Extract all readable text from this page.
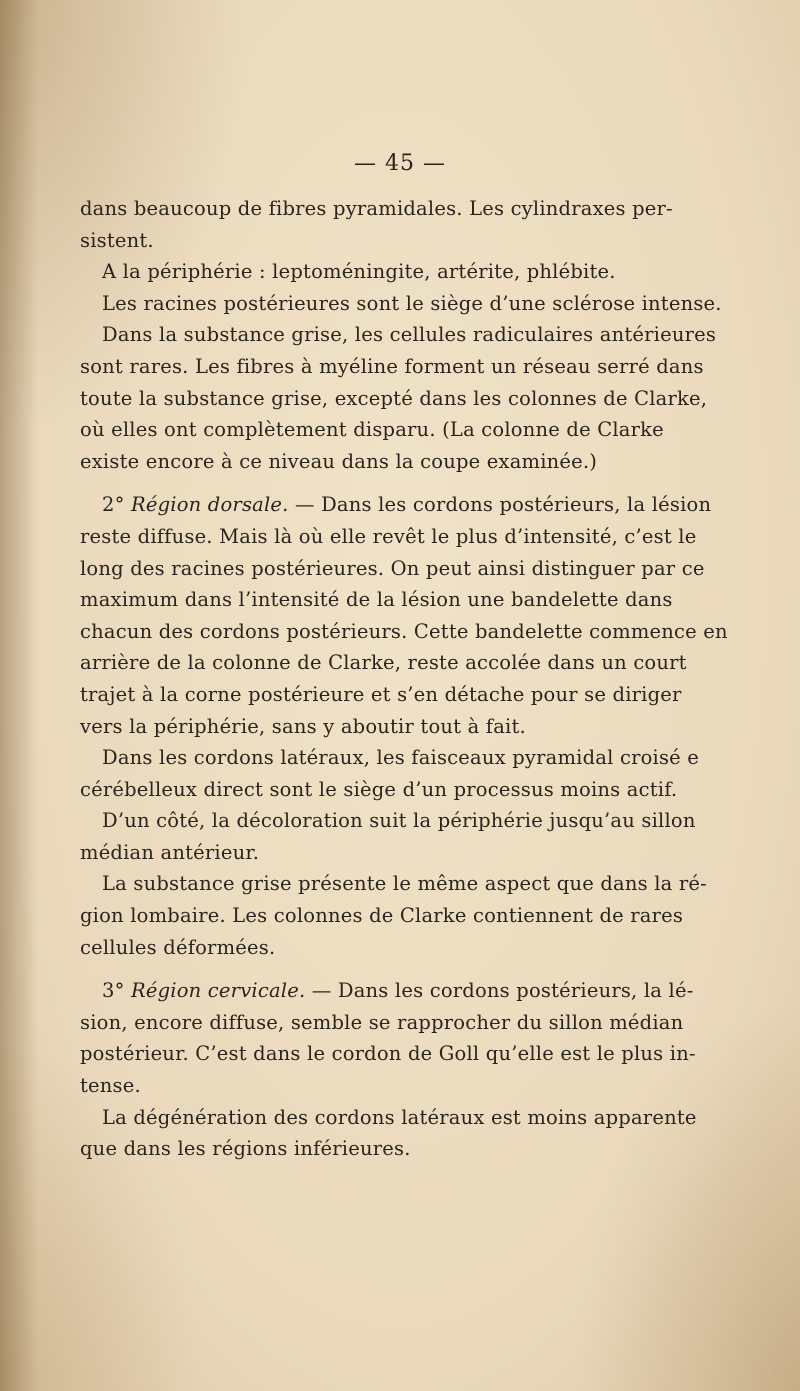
— 45 —
dans beaucoup de fibres pyramidales. Les cylindraxes per-
sistent.
A la périphérie : leptoméningite, artérite, phlébite.
Les racines postérieures sont le siège d’une sclérose intense.
Dans la substance grise, les cellules radiculaires antérieures
sont rares. Les fibres à myéline forment un réseau serré dans
toute la substance grise, excepté dans les colonnes de Clarke,
où elles ont complètement disparu. (La colonne de Clarke
existe encore à ce niveau dans la coupe examinée.)
2° Région dorsale. — Dans les cordons postérieurs, la lésion
reste diffuse. Mais là où elle revêt le plus d’intensité, c’est le
long des racines postérieures. On peut ainsi distinguer par ce
maximum dans l’intensité de la lésion une bandelette dans
chacun des cordons postérieurs. Cette bandelette commence en
arrière de la colonne de Clarke, reste accolée dans un court
trajet à la corne postérieure et s’en détache pour se diriger
vers la périphérie, sans y aboutir tout à fait.
Dans les cordons latéraux, les faisceaux pyramidal croisé e
cérébelleux direct sont le siège d’un processus moins actif.
D’un côté, la décoloration suit la périphérie jusqu’au sillon
médian antérieur.
La substance grise présente le même aspect que dans la ré-
gion lombaire. Les colonnes de Clarke contiennent de rares
cellules déformées.
3° Région cervicale. — Dans les cordons postérieurs, la lé-
sion, encore diffuse, semble se rapprocher du sillon médian
postérieur. C’est dans le cordon de Goll qu’elle est le plus in-
tense.
La dégénération des cordons latéraux est moins apparente
que dans les régions inférieures.
